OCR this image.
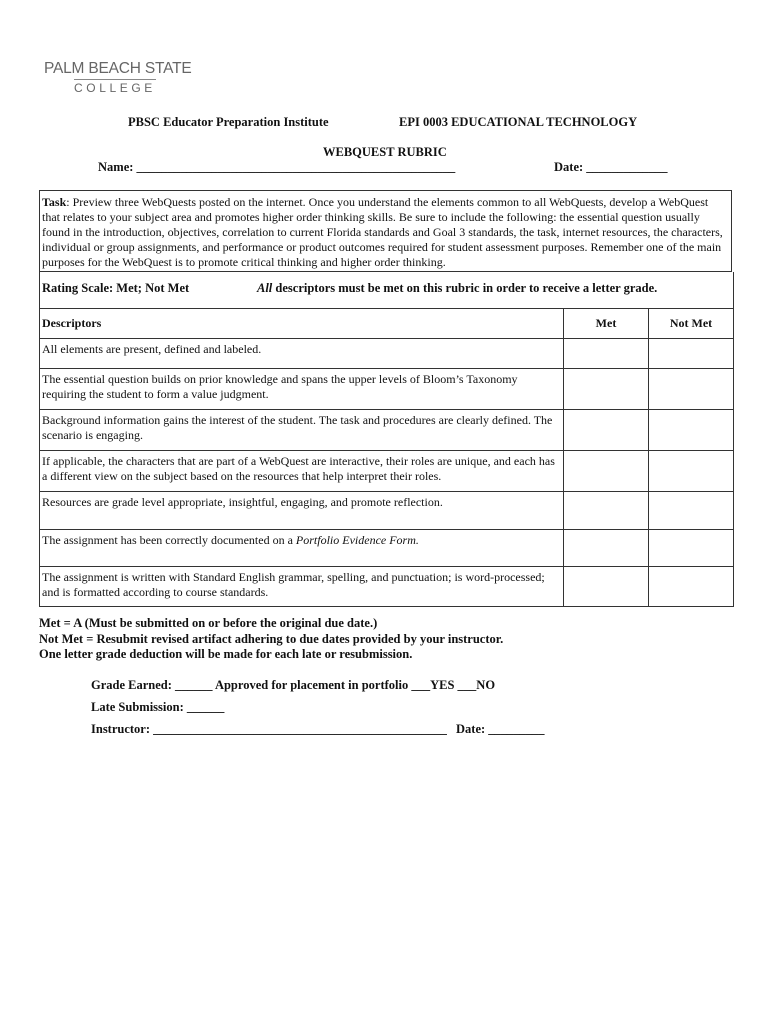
PALM BEACH STATE
COLLEGE
PBSC Educator Preparation Institute	EPI 0003 EDUCATIONAL TECHNOLOGY
WEBQUEST RUBRIC
Name: ___________________________________________________	Date: _____________
Task: Preview three WebQuests posted on the internet. Once you understand the elements common to all WebQuests, develop a WebQuest that relates to your subject area and promotes higher order thinking skills. Be sure to include the following: the essential question usually found in the introduction, objectives, correlation to current Florida standards and Goal 3 standards, the task, internet resources, the characters, individual or group assignments, and performance or product outcomes required for student assessment purposes. Remember one of the main purposes for the WebQuest is to promote critical thinking and higher order thinking.
Rating Scale: Met; Not Met	All descriptors must be met on this rubric in order to receive a letter grade.
Descriptors	Met	Not Met
All elements are present, defined and labeled.		
The essential question builds on prior knowledge and spans the upper levels of Bloom’s Taxonomy requiring the student to form a value judgment.		
Background information gains the interest of the student. The task and procedures are clearly defined. The scenario is engaging.		
If applicable, the characters that are part of a WebQuest are interactive, their roles are unique, and each has a different view on the subject based on the resources that help interpret their roles.		
Resources are grade level appropriate, insightful, engaging, and promote reflection.		
The assignment has been correctly documented on a Portfolio Evidence Form.		
The assignment is written with Standard English grammar, spelling, and punctuation; is word-processed; and is formatted according to course standards.		
Met = A (Must be submitted on or before the original due date.)
Not Met = Resubmit revised artifact adhering to due dates provided by your instructor.
One letter grade deduction will be made for each late or resubmission.
Grade Earned: ______ Approved for placement in portfolio ___YES ___NO
Late Submission: ______
Instructor: _______________________________________________ Date: _________
